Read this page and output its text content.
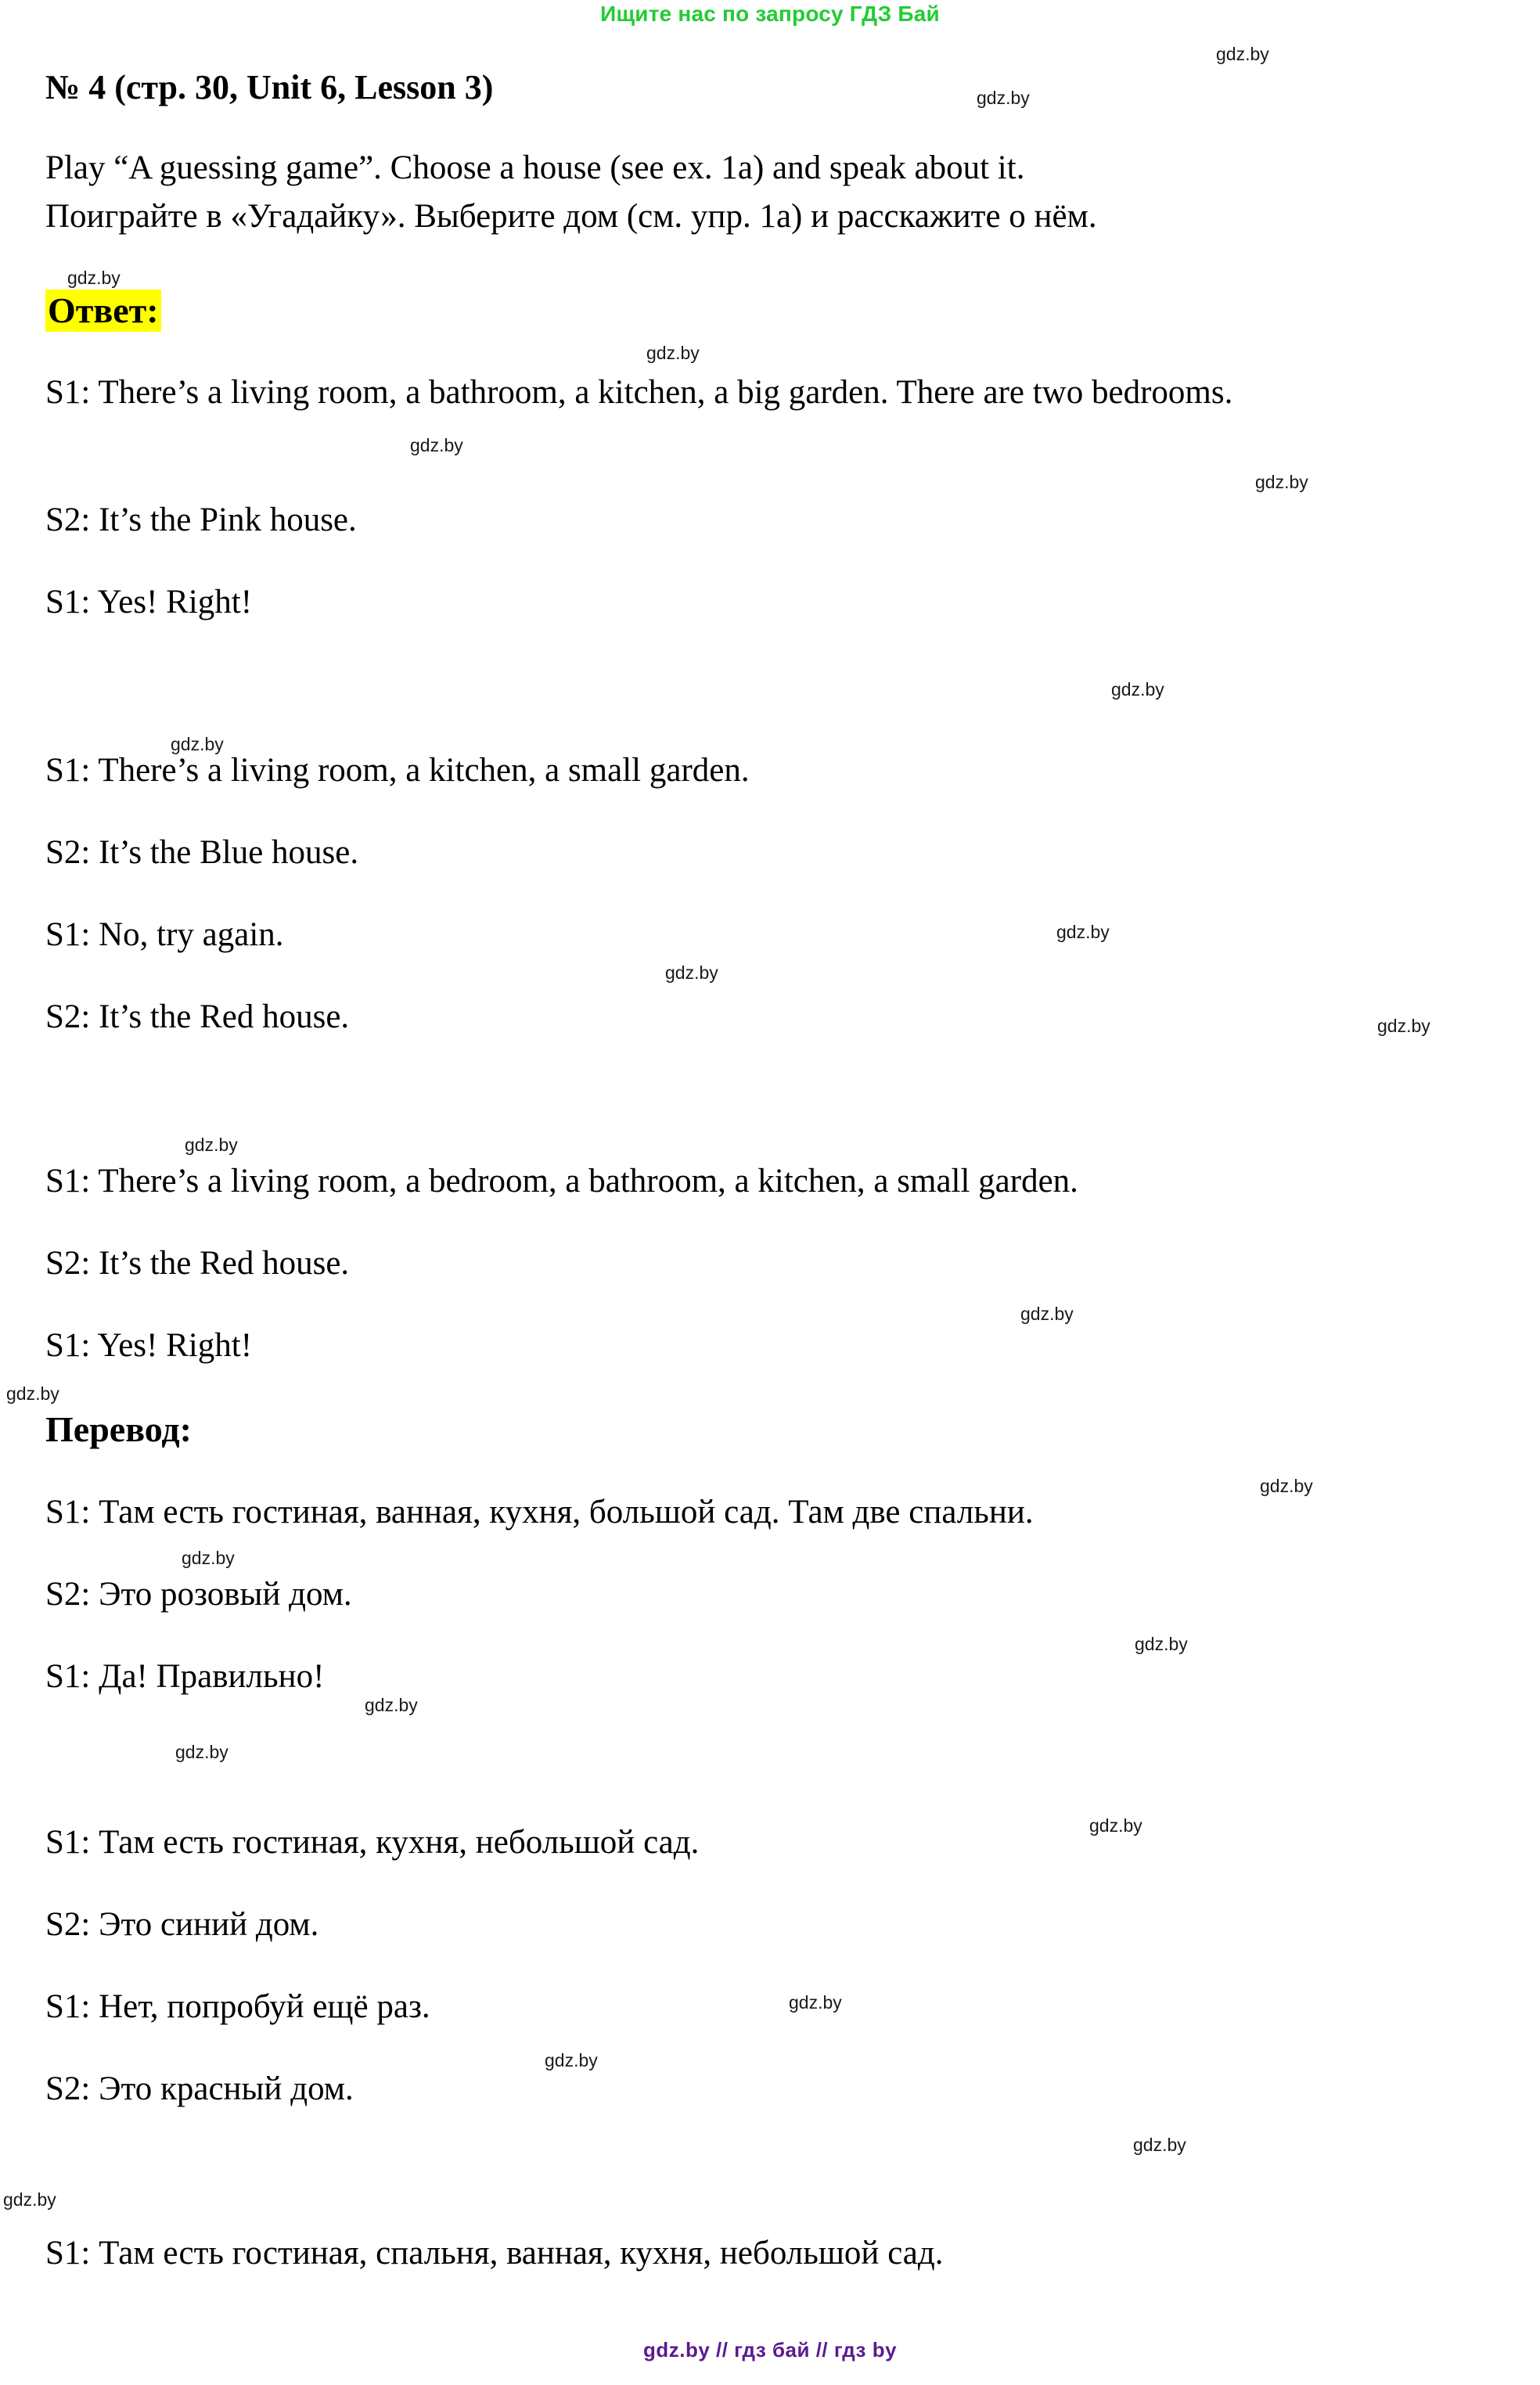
Ищите нас по запросу ГДЗ Бай
№ 4 (стр. 30, Unit 6, Lesson 3)
Play “A guessing game”. Choose a house (see ex. 1a) and speak about it.
Поиграйте в «Угадайку». Выберите дом (см. упр. 1a) и расскажите о нём.
Ответ:
S1: There’s a living room, a bathroom, a kitchen, a big garden. There are two bedrooms.
S2: It’s the Pink house.
S1: Yes! Right!
S1: There’s a living room, a kitchen, a small garden.
S2: It’s the Blue house.
S1: No, try again.
S2: It’s the Red house.
S1: There’s a living room, a bedroom, a bathroom, a kitchen, a small garden.
S2: It’s the Red house.
S1: Yes! Right!
Перевод:
S1: Там есть гостиная, ванная, кухня, большой сад. Там две спальни.
S2: Это розовый дом.
S1: Да! Правильно!
S1: Там есть гостиная, кухня, небольшой сад.
S2: Это синий дом.
S1: Нет, попробуй ещё раз.
S2: Это красный дом.
S1: Там есть гостиная, спальня, ванная, кухня, небольшой сад.
gdz.by
gdz.by
gdz.by
gdz.by
gdz.by
gdz.by
gdz.by
gdz.by
gdz.by
gdz.by
gdz.by
gdz.by
gdz.by
gdz.by
gdz.by
gdz.by
gdz.by
gdz.by
gdz.by
gdz.by
gdz.by
gdz.by
gdz.by
gdz.by
gdz.by // гдз бай // гдз by
